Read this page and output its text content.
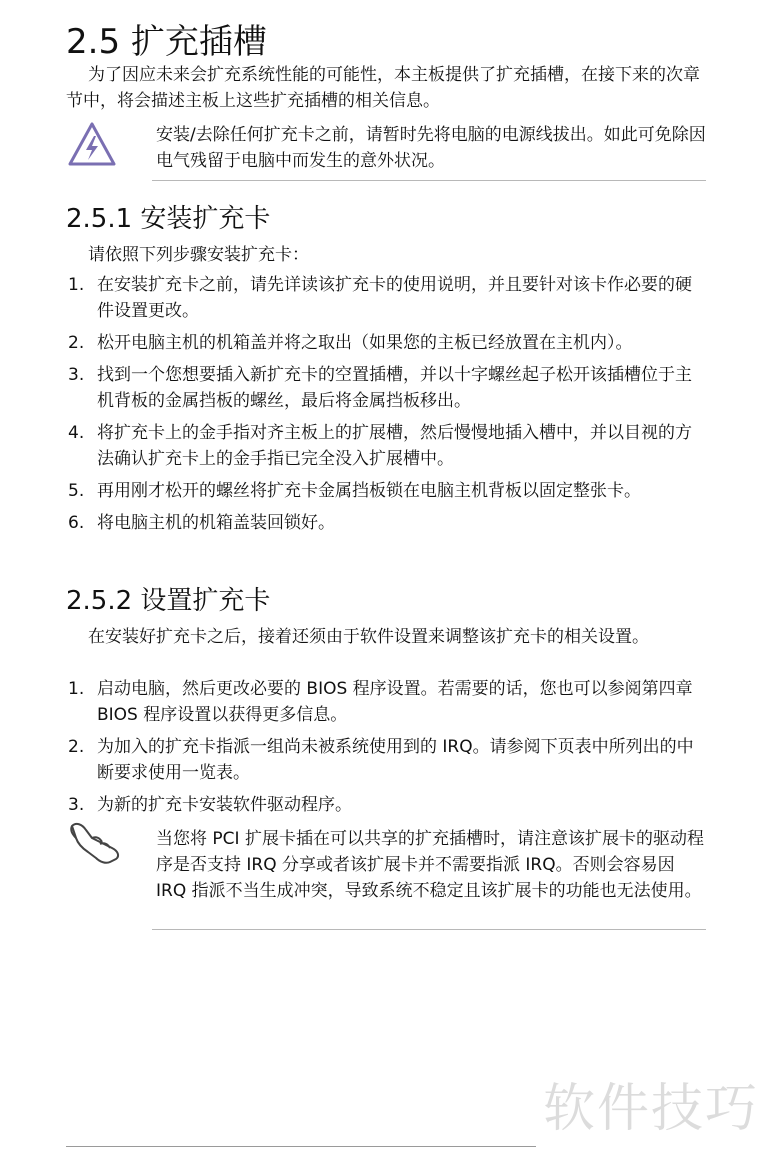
2.5 扩充插槽

为了因应未来会扩充系统性能的可能性，本主板提供了扩充插槽，在接下来的次章节中，将会描述主板上这些扩充插槽的相关信息。

安装/去除任何扩充卡之前，请暂时先将电脑的电源线拔出。如此可免除因电气残留于电脑中而发生的意外状况。
2.5.1 安装扩充卡

请依照下列步骤安装扩充卡：

1. 在安装扩充卡之前，请先详读该扩充卡的使用说明，并且要针对该卡作必要的硬件设置更改。
2. 松开电脑主机的机箱盖并将之取出（如果您的主板已经放置在主机内）。
3. 找到一个您想要插入新扩充卡的空置插槽，并以十字螺丝起子松开该插槽位于主机背板的金属挡板的螺丝，最后将金属挡板移出。
4. 将扩充卡上的金手指对齐主板上的扩展槽，然后慢慢地插入槽中，并以目视的方法确认扩充卡上的金手指已完全没入扩展槽中。
5. 再用刚才松开的螺丝将扩充卡金属挡板锁在电脑主机背板以固定整张卡。
6. 将电脑主机的机箱盖装回锁好。
2.5.2 设置扩充卡

在安装好扩充卡之后，接着还须由于软件设置来调整该扩充卡的相关设置。

1. 启动电脑，然后更改必要的 BIOS 程序设置。若需要的话，您也可以参阅第四章 BIOS 程序设置以获得更多信息。
2. 为加入的扩充卡指派一组尚未被系统使用到的 IRQ。请参阅下页表中所列出的中断要求使用一览表。
3. 为新的扩充卡安装软件驱动程序。
当您将 PCI 扩展卡插在可以共享的扩充插槽时，请注意该扩展卡的驱动程序是否支持 IRQ 分享或者该扩展卡并不需要指派 IRQ。否则会容易因 IRQ 指派不当生成冲突，导致系统不稳定且该扩展卡的功能也无法使用。
软件技巧
